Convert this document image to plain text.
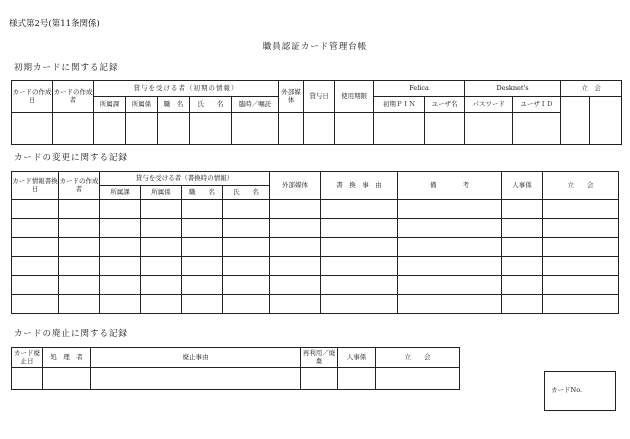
様式第2号(第11条関係)
職員認証カード管理台帳
初期カードに関する記録
カードの作成日	カードの作成者	貸与を受ける者（初期の情報）					外部媒体	貸与日	使用期限	Felica		Desknet's		立　会	
		所属課	所属係	職　名	氏　　名	臨時／嘱託				初期ＰＩＮ	ユーザ名	パスワード	ユーザＩＤ		

カードの変更に関する記録
カード情報書換日	カードの作成者	貸与を受ける者（書換時の情報）				外部媒体	書　換　事　由	備　　　　考	人事係	立　　会
		所属課	所属係	職　　名	氏　　名					

カードの廃止に関する記録
カード廃止日	処　理　者	廃止事由	再利用／廃棄	人事係	立　　会

カードNo.
